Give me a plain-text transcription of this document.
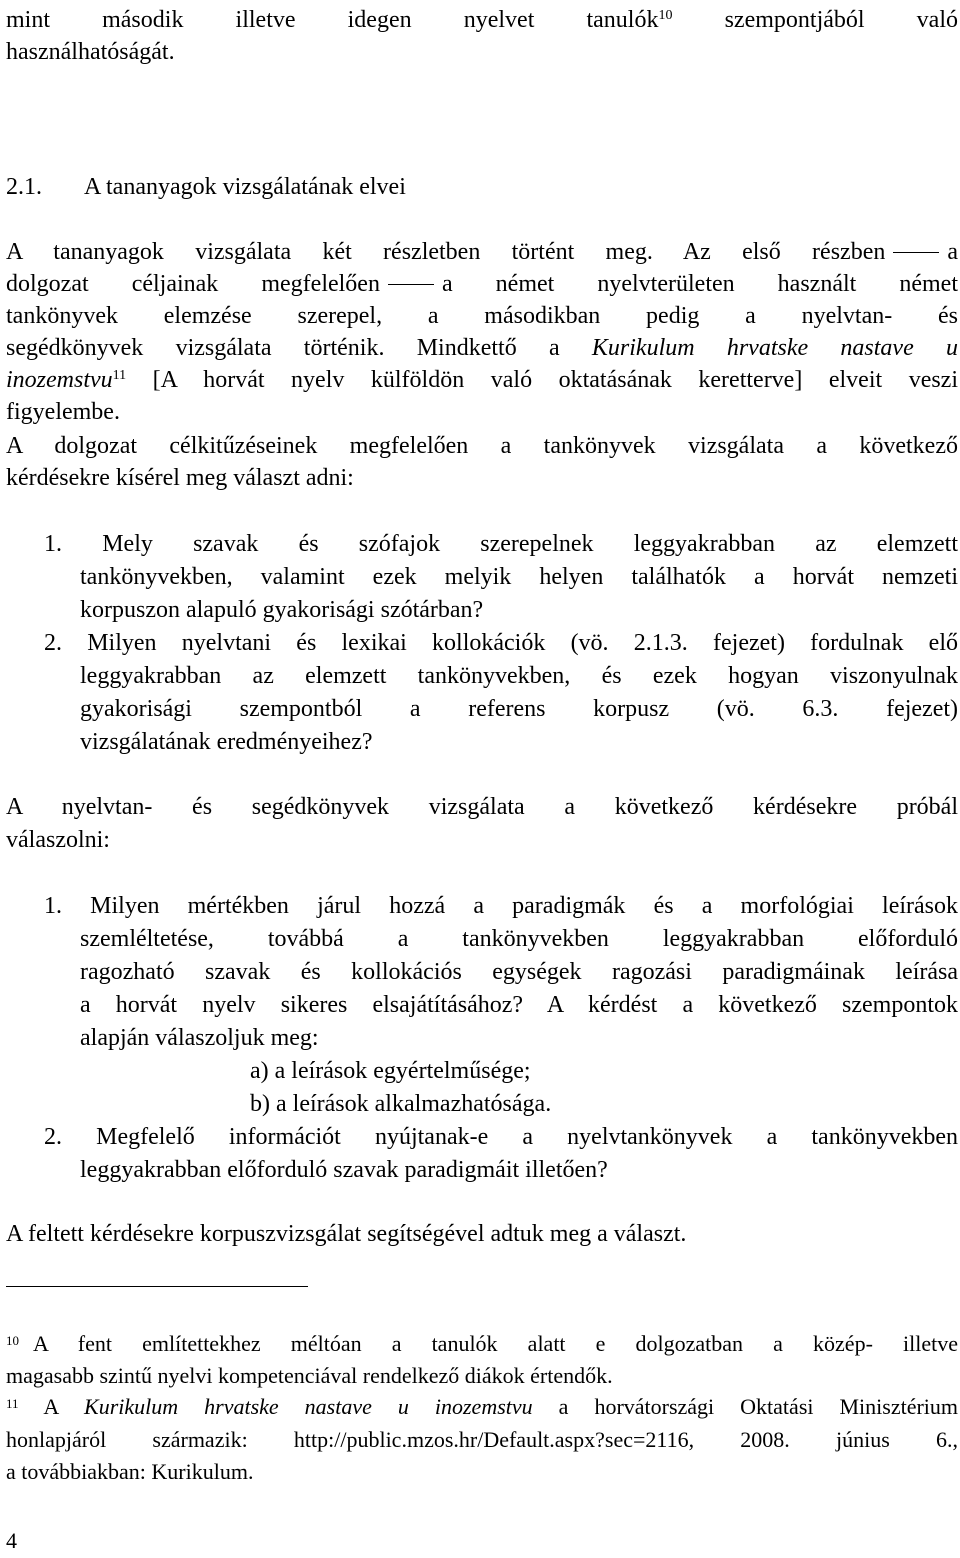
mint második illetve idegen nyelvet tanulók$^{10}$ szempontjából való
használhatóságát.
2.1. A tananyagok vizsgálatának elvei
A tananyagok vizsgálata két részletben történt meg. Az első részben	a
dolgozat céljainak megfelelően	a német nyelvterületen használt német
tankönyvek elemzése szerepel, a másodikban pedig a nyelvtan- és
segédkönyvek vizsgálata történik. Mindkettő a Kurikulum hrvatske nastave u
inozemstvu$^{11}$ [A horvát nyelv külföldön való oktatásának keretterve] elveit veszi
figyelembe.
A dolgozat célkitűzéseinek megfelelően a tankönyvek vizsgálata a következő
kérdésekre kísérel meg választ adni:
1. Mely szavak és szófajok szerepelnek leggyakrabban az elemzett
tankönyvekben, valamint ezek melyik helyen találhatók a horvát nemzeti
korpuszon alapuló gyakorisági szótárban?
2. Milyen nyelvtani és lexikai kollokációk (vö. 2.1.3. fejezet) fordulnak elő
leggyakrabban az elemzett tankönyvekben, és ezek hogyan viszonyulnak
gyakorisági szempontból a referens korpusz (vö. 6.3. fejezet)
vizsgálatának eredményeihez?
A nyelvtan- és segédkönyvek vizsgálata a következő kérdésekre próbál
válaszolni:
1. Milyen mértékben járul hozzá a paradigmák és a morfológiai leírások
szemléltetése, továbbá a tankönyvekben leggyakrabban előforduló
ragozható szavak és kollokációs egységek ragozási paradigmáinak leírása
a horvát nyelv sikeres elsajátításához? A kérdést a következő szempontok
alapján válaszoljuk meg:
a) a leírások egyértelműsége;
b) a leírások alkalmazhatósága.
2. Megfelelő információt nyújtanak-e a nyelvtankönyvek a tankönyvekben
leggyakrabban előforduló szavak paradigmáit illetően?
A feltett kérdésekre korpuszvizsgálat segítségével adtuk meg a választ.
$^{10}$ A fent említettekhez méltóan a tanulók alatt e dolgozatban a közép- illetve
magasabb szintű nyelvi kompetenciával rendelkező diákok értendők.
$^{11}$ A Kurikulum hrvatske nastave u inozemstvu a horvátországi Oktatási Minisztérium
honlapjáról származik: http://public.mzos.hr/Default.aspx?sec=2116, 2008. június 6.,
a továbbiakban: Kurikulum.
4
